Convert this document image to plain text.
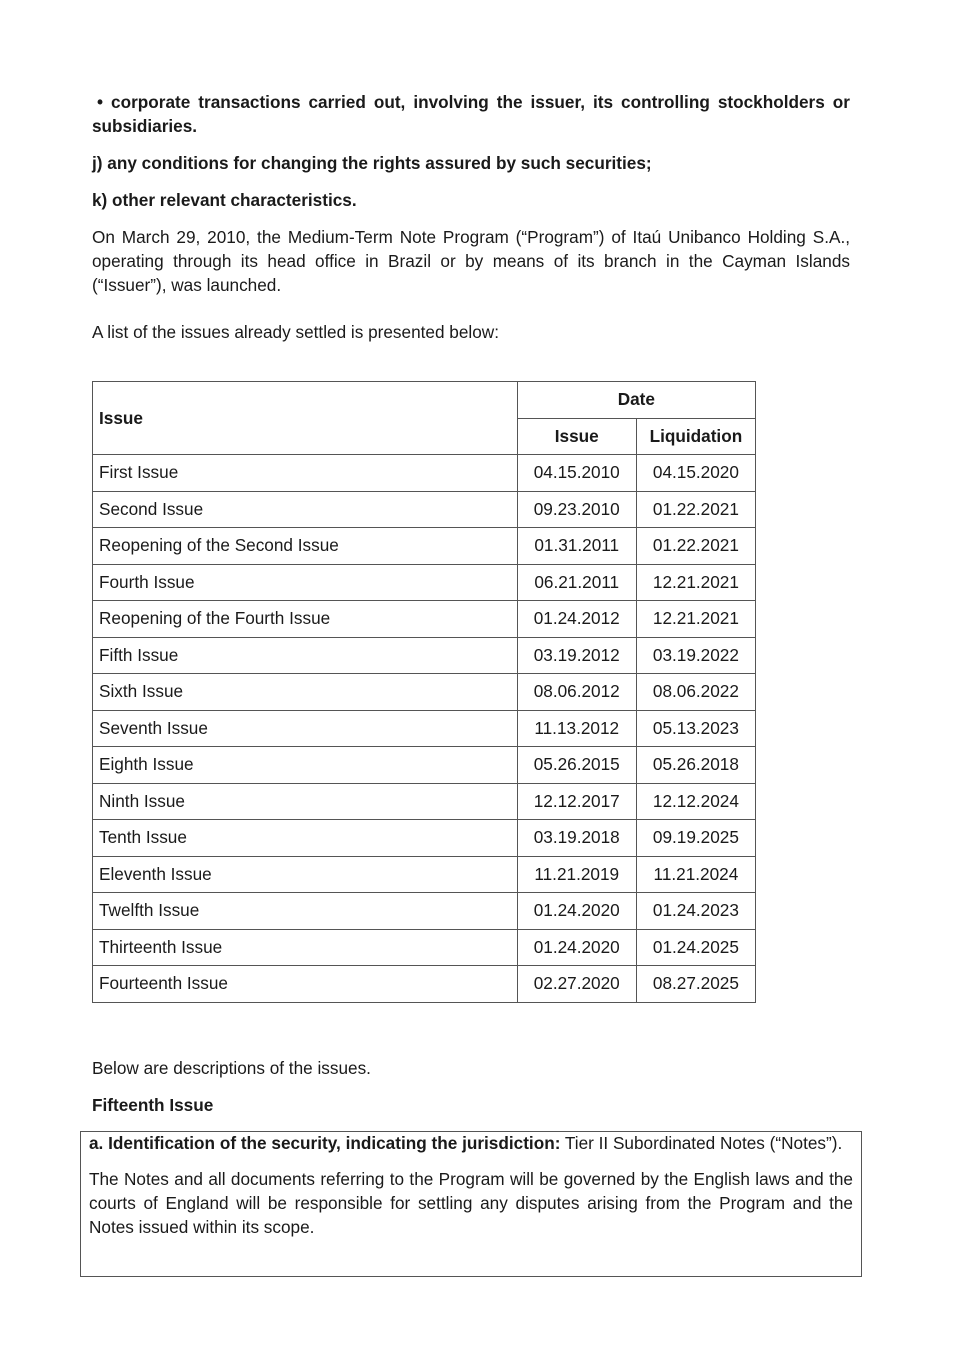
• corporate transactions carried out, involving the issuer, its controlling stockholders or subsidiaries.

j) any conditions for changing the rights assured by such securities;

k) other relevant characteristics.

On March 29, 2010, the Medium-Term Note Program (“Program”) of Itaú Unibanco Holding S.A., operating through its head office in Brazil or by means of its branch in the Cayman Islands (“Issuer”), was launched.

A list of the issues already settled is presented below:

Issue	Date	
	Issue	Liquidation
First Issue	04.15.2010	04.15.2020
Second Issue	09.23.2010	01.22.2021
Reopening of the Second Issue	01.31.2011	01.22.2021
Fourth Issue	06.21.2011	12.21.2021
Reopening of the Fourth Issue	01.24.2012	12.21.2021
Fifth Issue	03.19.2012	03.19.2022
Sixth Issue	08.06.2012	08.06.2022
Seventh Issue	11.13.2012	05.13.2023
Eighth Issue	05.26.2015	05.26.2018
Ninth Issue	12.12.2017	12.12.2024
Tenth Issue	03.19.2018	09.19.2025
Eleventh Issue	11.21.2019	11.21.2024
Twelfth Issue	01.24.2020	01.24.2023
Thirteenth Issue	01.24.2020	01.24.2025
Fourteenth Issue	02.27.2020	08.27.2025

Below are descriptions of the issues.

Fifteenth Issue

a. Identification of the security, indicating the jurisdiction: Tier II Subordinated Notes (“Notes”).

The Notes and all documents referring to the Program will be governed by the English laws and the courts of England will be responsible for settling any disputes arising from the Program and the Notes issued within its scope.
